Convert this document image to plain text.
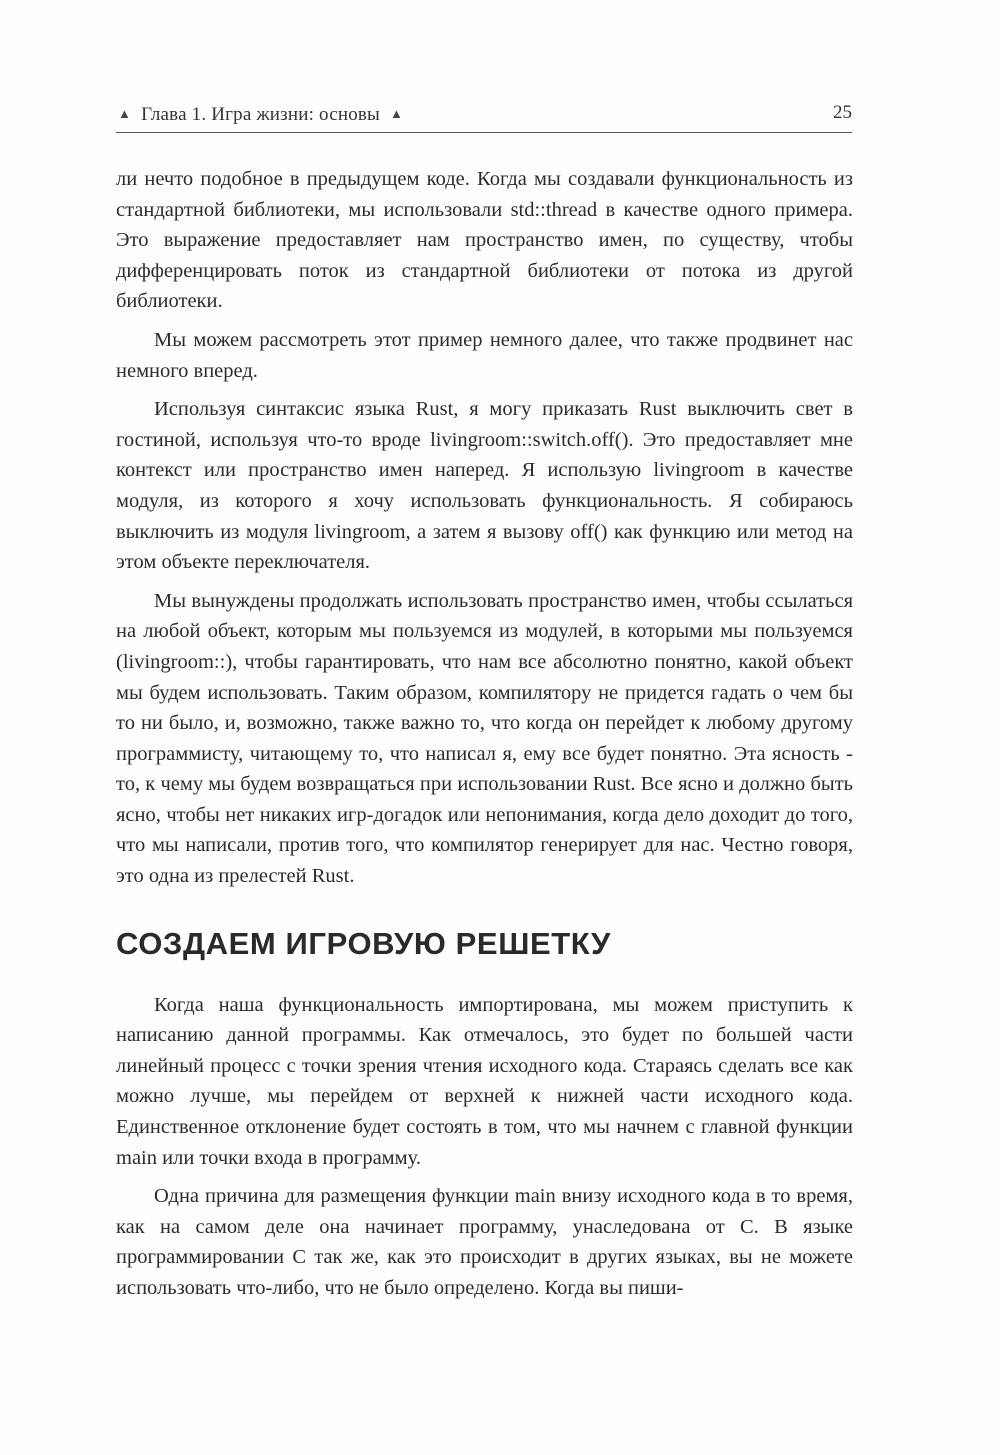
▲ Глава 1. Игра жизни: основы ▲	25

ли нечто подобное в предыдущем коде. Когда мы создавали функциональность из стандартной библиотеки, мы использовали std::thread в качестве одного примера. Это выражение предоставляет нам пространство имен, по существу, чтобы дифференцировать поток из стандартной библиотеки от потока из другой библиотеки.

Мы можем рассмотреть этот пример немного далее, что также продвинет нас немного вперед.

Используя синтаксис языка Rust, я могу приказать Rust выключить свет в гостиной, используя что-то вроде livingroom::switch.off(). Это предоставляет мне контекст или пространство имен наперед. Я использую livingroom в качестве модуля, из которого я хочу использовать функциональность. Я собираюсь выключить из модуля livingroom, а затем я вызову off() как функцию или метод на этом объекте переключателя.

Мы вынуждены продолжать использовать пространство имен, чтобы ссылаться на любой объект, которым мы пользуемся из модулей, в которыми мы пользуемся (livingroom::), чтобы гарантировать, что нам все абсолютно понятно, какой объект мы будем использовать. Таким образом, компилятору не придется гадать о чем бы то ни было, и, возможно, также важно то, что когда он перейдет к любому другому программисту, читающему то, что написал я, ему все будет понятно. Эта ясность - то, к чему мы будем возвращаться при использовании Rust. Все ясно и должно быть ясно, чтобы нет никаких игр-догадок или непонимания, когда дело доходит до того, что мы написали, против того, что компилятор генерирует для нас. Честно говоря, это одна из прелестей Rust.

СОЗДАЕМ ИГРОВУЮ РЕШЕТКУ

Когда наша функциональность импортирована, мы можем приступить к написанию данной программы. Как отмечалось, это будет по большей части линейный процесс с точки зрения чтения исходного кода. Стараясь сделать все как можно лучше, мы перейдем от верхней к нижней части исходного кода. Единственное отклонение будет состоять в том, что мы начнем с главной функции main или точки входа в программу.

Одна причина для размещения функции main внизу исходного кода в то время, как на самом деле она начинает программу, унаследована от С. В языке программировании С так же, как это происходит в других языках, вы не можете использовать что-либо, что не было определено. Когда вы пиши-
